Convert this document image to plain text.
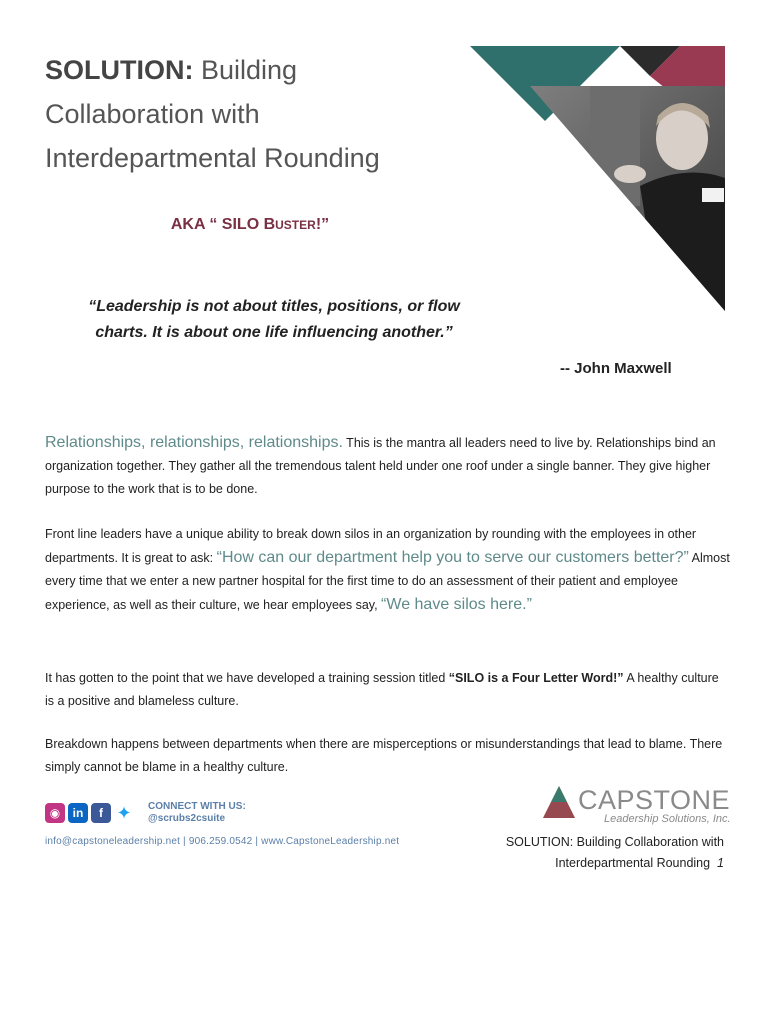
SOLUTION: Building Collaboration with Interdepartmental Rounding
AKA “ SILO BUSTER!”
“Leadership is not about titles, positions, or flow charts. It is about one life influencing another.”
-- John Maxwell
Relationships, relationships, relationships. This is the mantra all leaders need to live by. Relationships bind an organization together. They gather all the tremendous talent held under one roof under a single banner. They give higher purpose to the work that is to be done.
Front line leaders have a unique ability to break down silos in an organization by rounding with the employees in other departments. It is great to ask: “How can our department help you to serve our customers better?” Almost every time that we enter a new partner hospital for the first time to do an assessment of their patient and employee experience, as well as their culture, we hear employees say, “We have silos here.”
It has gotten to the point that we have developed a training session titled “SILO is a Four Letter Word!” A healthy culture is a positive and blameless culture.
Breakdown happens between departments when there are misperceptions or misunderstandings that lead to blame. There simply cannot be blame in a healthy culture.
◉ in f ✦	CONNECT WITH US:
@scrubs2csuite
info@capstoneleadership.net | 906.259.0542 | www.CapstoneLeadership.net
CAPSTONE
Leadership Solutions, Inc.
SOLUTION: Building Collaboration with
Interdepartmental Rounding 1
